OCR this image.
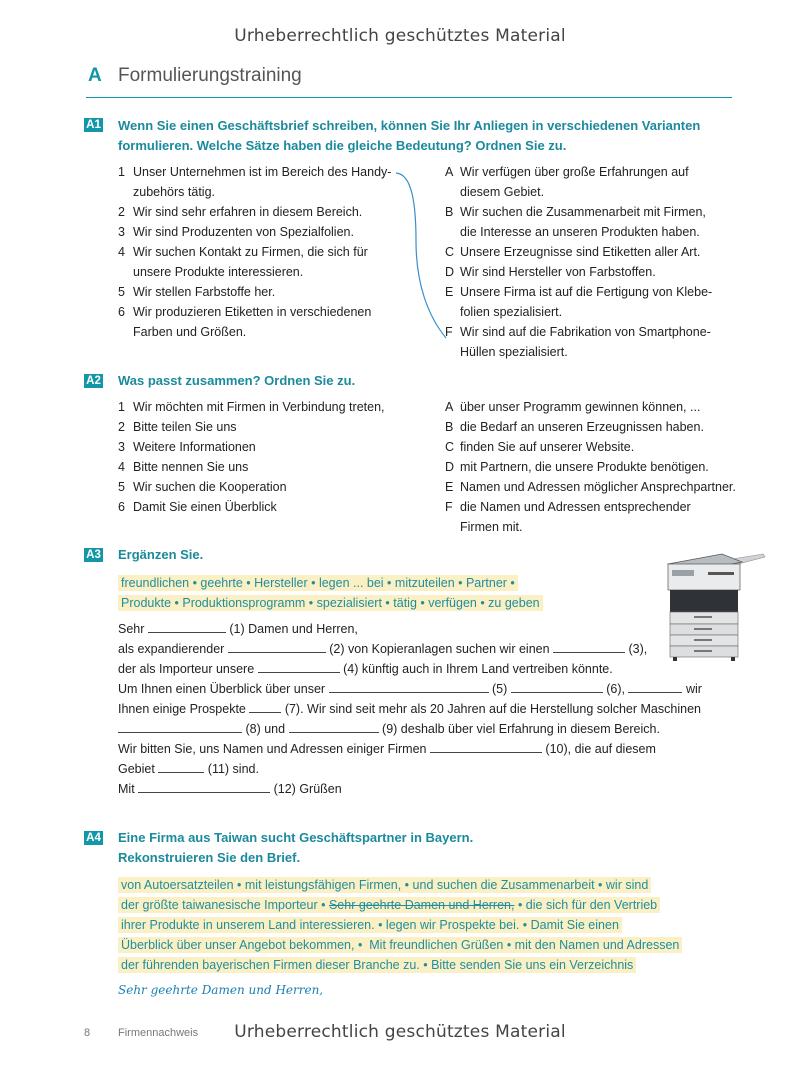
Urheberrechtlich geschütztes Material
A Formulierungstraining
A1 Wenn Sie einen Geschäftsbrief schreiben, können Sie Ihr Anliegen in verschiedenen Varianten
formulieren. Welche Sätze haben die gleiche Bedeutung? Ordnen Sie zu.
1 Unser Unternehmen ist im Bereich des Handy-
zubehörs tätig.
2 Wir sind sehr erfahren in diesem Bereich.
3 Wir sind Produzenten von Spezialfolien.
4 Wir suchen Kontakt zu Firmen, die sich für
unsere Produkte interessieren.
5 Wir stellen Farbstoffe her.
6 Wir produzieren Etiketten in verschiedenen
Farben und Größen.
A Wir verfügen über große Erfahrungen auf
diesem Gebiet.
B Wir suchen die Zusammenarbeit mit Firmen,
die Interesse an unseren Produkten haben.
C Unsere Erzeugnisse sind Etiketten aller Art.
D Wir sind Hersteller von Farbstoffen.
E Unsere Firma ist auf die Fertigung von Klebe-
folien spezialisiert.
F Wir sind auf die Fabrikation von Smartphone-
Hüllen spezialisiert.
A2 Was passt zusammen? Ordnen Sie zu.
1 Wir möchten mit Firmen in Verbindung treten,
2 Bitte teilen Sie uns
3 Weitere Informationen
4 Bitte nennen Sie uns
5 Wir suchen die Kooperation
6 Damit Sie einen Überblick
A über unser Programm gewinnen können, ...
B die Bedarf an unseren Erzeugnissen haben.
C finden Sie auf unserer Website.
D mit Partnern, die unsere Produkte benötigen.
E Namen und Adressen möglicher Ansprechpartner.
F die Namen und Adressen entsprechender
Firmen mit.
A3 Ergänzen Sie.
freundlichen • geehrte • Hersteller • legen ... bei • mitzuteilen • Partner •
Produkte • Produktionsprogramm • spezialisiert • tätig • verfügen • zu geben
Sehr	(1) Damen und Herren,
als expandierender	(2) von Kopieranlagen suchen wir einen	(3),
der als Importeur unsere	(4) künftig auch in Ihrem Land vertreiben könnte.
Um Ihnen einen Überblick über unser	(5)	(6),	wir
Ihnen einige Prospekte	(7). Wir sind seit mehr als 20 Jahren auf die Herstellung solcher Maschinen
(8) und	(9) deshalb über viel Erfahrung in diesem Bereich.
Wir bitten Sie, uns Namen und Adressen einiger Firmen	(10), die auf diesem
Gebiet	(11) sind.
Mit	(12) Grüßen
A4 Eine Firma aus Taiwan sucht Geschäftspartner in Bayern.
Rekonstruieren Sie den Brief.
von Autoersatzteilen • mit leistungsfähigen Firmen, • und suchen die Zusammenarbeit • wir sind
der größte taiwanesische Importeur • Sehr geehrte Damen und Herren, • die sich für den Vertrieb
ihrer Produkte in unserem Land interessieren. • legen wir Prospekte bei. • Damit Sie einen
Überblick über unser Angebot bekommen, •  Mit freundlichen Grüßen • mit den Namen und Adressen
der führenden bayerischen Firmen dieser Branche zu. • Bitte senden Sie uns ein Verzeichnis
Sehr geehrte Damen und Herren,
8	Firmennachweis	Urheberrechtlich geschütztes Material
